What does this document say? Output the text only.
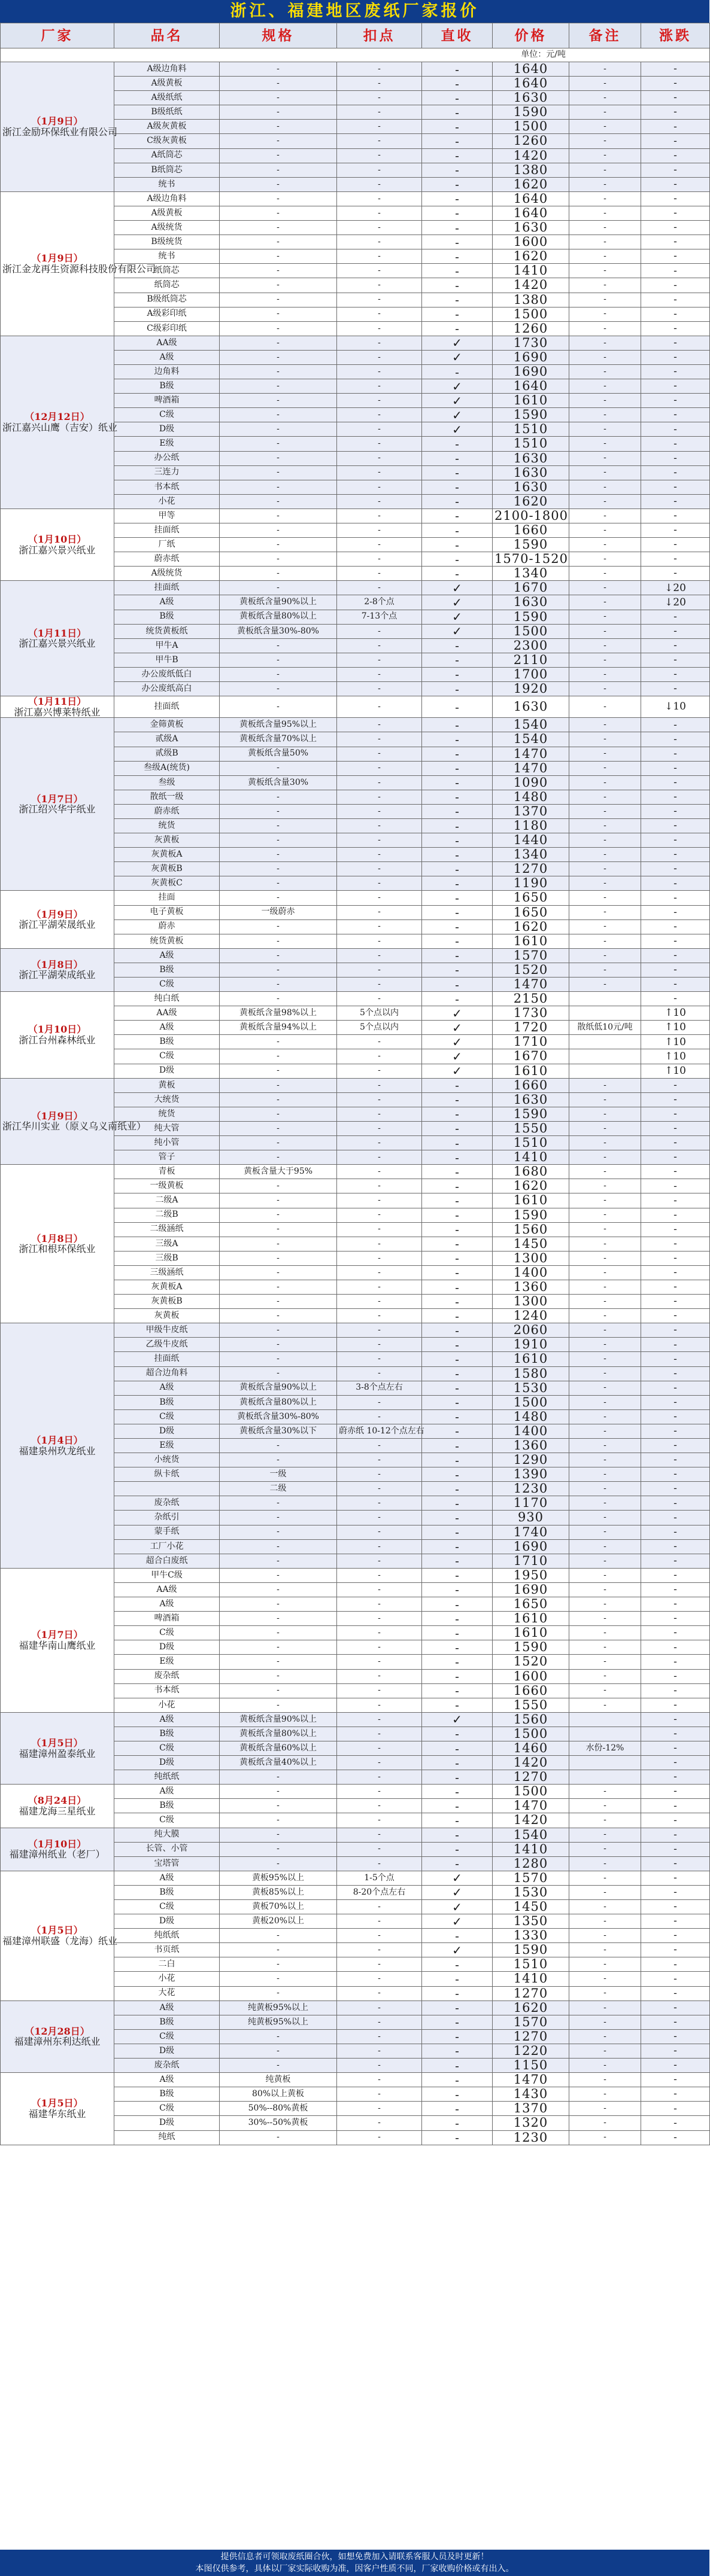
浙江、福建地区废纸厂家报价
厂家	品名	规格	扣点	直收	价格	备注	涨跌
单位：元/吨							

（1月9日）
浙江金励环保纸业有限公司	A级边角料	-	-	-	1640	-	-
	A级黄板	-	-	-	1640	-	-
	A级纸纸	-	-	-	1630	-	-
	B级纸纸	-	-	-	1590	-	-
	A级灰黄板	-	-	-	1500	-	-
	C级灰黄板	-	-	-	1260	-	-
	A纸筒芯	-	-	-	1420	-	-
	B纸筒芯	-	-	-	1380	-	-
	统书	-	-	-	1620	-	-

（1月9日）
浙江金龙再生资源科技股份有限公司	A级边角料	-	-	-	1640	-	-
	A级黄板	-	-	-	1640	-	-
	A级统货	-	-	-	1630	-	-
	B级统货	-	-	-	1600	-	-
	统书	-	-	-	1620	-	-
	纸筒芯	-	-	-	1410	-	-
	纸筒芯	-	-	-	1420	-	-
	B级纸筒芯	-	-	-	1380	-	-
	A级彩印纸	-	-	-	1500	-	-
	C级彩印纸	-	-	-	1260	-	-

（12月12日）
浙江嘉兴山鹰（吉安）纸业	AA级	-	-	✓	1730	-	-
	A级	-	-	✓	1690	-	-
	边角料	-	-	-	1690	-	-
	B级	-	-	✓	1640	-	-
	啤酒箱	-	-	✓	1610	-	-
	C级	-	-	✓	1590	-	-
	D级	-	-	✓	1510	-	-
	E级	-	-	-	1510	-	-
	办公纸	-	-	-	1630	-	-
	三连力	-	-	-	1630	-	-
	书本纸	-	-	-	1630	-	-
	小花	-	-	-	1620	-	-

（1月10日）
浙江嘉兴景兴纸业	甲等	-	-	-	2100-1800	-	-
	挂面纸	-	-	-	1660	-	-
	厂纸	-	-	-	1590	-	-
	蔚赤纸	-	-	-	1570-1520	-	-
	A级统货	-	-	-	1340	-	-

（1月11日）
浙江嘉兴景兴纸业	挂面纸	-	-	✓	1670	-	↓20
	A级	黄板纸含量90%以上	2-8个点	✓	1630	-	↓20
	B级	黄板纸含量80%以上	7-13个点	✓	1590	-	-
	统货黄板纸	黄板纸含量30%-80%	-	✓	1500	-	-
	甲牛A	-	-	-	2300	-	-
	甲牛B	-	-	-	2110	-	-
	办公废纸低白	-	-	-	1700	-	-
	办公废纸高白	-	-	-	1920	-	-

（1月11日）
浙江嘉兴博莱特纸业	挂面纸	-	-	-	1630	-	↓10

（1月7日）
浙江绍兴华宇纸业	金筛黄板	黄板纸含量95%以上	-	-	1540	-	-
	贰级A	黄板纸含量70%以上	-	-	1540	-	-
	贰级B	黄板纸含量50%	-	-	1470	-	-
	叁级A(统货)	-	-	-	1470	-	-
	叁级	黄板纸含量30%	-	-	1090	-	-
	散纸一级	-	-	-	1480	-	-
	蔚赤纸	-	-	-	1370	-	-
	统货	-	-	-	1180	-	-
	灰黄板	-	-	-	1440	-	-
	灰黄板A	-	-	-	1340	-	-
	灰黄板B	-	-	-	1270	-	-
	灰黄板C	-	-	-	1190	-	-

（1月9日）
浙江平湖荣晟纸业	挂面	-	-	-	1650	-	-
	电子黄板	一级蔚赤	-	-	1650	-	-
	蔚赤	-	-	-	1620	-	-
	统货黄板	-	-	-	1610	-	-

（1月8日）
浙江平湖荣成纸业	A级	-	-	-	1570	-	-
	B级	-	-	-	1520	-	-
	C级	-	-	-	1470	-	-

（1月10日）
浙江台州森林纸业	纯白纸	-	-	-	2150		-
	AA级	黄板纸含量98%以上	5个点以内	✓	1730		↑10
	A级	黄板纸含量94%以上	5个点以内	✓	1720	散纸低10元/吨	↑10
	B级	-	-	✓	1710		↑10
	C级	-	-	✓	1670		↑10
	D级	-	-	✓	1610		↑10

（1月9日）
浙江华川实业（原义乌义南纸业）	黄板	-	-	-	1660	-	-
	大统货	-	-	-	1630	-	-
	统货	-	-	-	1590	-	-
	纯大管	-	-	-	1550	-	-
	纯小管	-	-	-	1510	-	-
	管子	-	-	-	1410	-	-

（1月8日）
浙江和根环保纸业	青板	黄板含量大于95%	-	-	1680	-	-
	一级黄板	-	-	-	1620	-	-
	二级A	-	-	-	1610	-	-
	二级B	-	-	-	1590	-	-
	二级涵纸	-	-	-	1560	-	-
	三级A	-	-	-	1450	-	-
	三级B	-	-	-	1300	-	-
	三级涵纸	-	-	-	1400	-	-
	灰黄板A	-	-	-	1360	-	-
	灰黄板B	-	-	-	1300	-	-
	灰黄板	-	-	-	1240	-	-

（1月4日）
福建泉州玖龙纸业	甲级牛皮纸	-	-	-	2060	-	-
	乙级牛皮纸	-	-	-	1910	-	-
	挂面纸	-	-	-	1610	-	-
	超合边角料	-	-	-	1580	-	-
	A级	黄板纸含量90%以上	3-8个点左右	-	1530	-	-
	B级	黄板纸含量80%以上	-	-	1500	-	-
	C级	黄板纸含量30%-80%	-	-	1480	-	-
	D级	黄板纸含量30%以下	蔚赤纸 10-12个点左右	-	1400	-	-
	E级	-	-	-	1360	-	-
	小统货	-	-	-	1290	-	-
	纵卡纸	一级	-	-	1390	-	-
		二级	-	-	1230	-	-
	废杂纸	-	-	-	1170	-	-
	杂纸引	-	-	-	930	-	-
	蒙手纸	-	-	-	1740	-	-
	工厂小花	-	-	-	1690	-	-
	超合白废纸	-	-	-	1710	-	-

（1月7日）
福建华南山鹰纸业	甲牛C级	-	-	-	1950	-	-
	AA级	-	-	-	1690	-	-
	A级	-	-	-	1650	-	-
	啤酒箱	-	-	-	1610	-	-
	C级	-	-	-	1610	-	-
	D级	-	-	-	1590	-	-
	E级	-	-	-	1520	-	-
	废杂纸	-	-	-	1600	-	-
	书本纸	-	-	-	1660	-	-
	小花	-	-	-	1550	-	-

（1月5日）
福建漳州盈泰纸业	A级	黄板纸含量90%以上	-	✓	1560		-
	B级	黄板纸含量80%以上	-	-	1500		-
	C级	黄板纸含量60%以上	-	-	1460	水份-12%	-
	D级	黄板纸含量40%以上	-	-	1420		-
	纯纸纸	-	-	-	1270		-

（8月24日）
福建龙海三星纸业	A级	-	-	-	1500	-	-
	B级	-	-	-	1470	-	-
	C级	-	-	-	1420	-	-

（1月10日）
福建漳州纸业（老厂）	纯大膜	-	-	-	1540	-	-
	长管、小管	-	-	-	1410	-	-
	宝塔管	-	-	-	1280	-	-

（1月5日）
福建漳州联盛（龙海）纸业	A级	黄板95%以上	1-5个点	✓	1570	-	-
	B级	黄板85%以上	8-20个点左右	✓	1530	-	-
	C级	黄板70%以上	-	✓	1450	-	-
	D级	黄板20%以上	-	✓	1350	-	-
	纯纸纸	-	-	-	1330	-	-
	书页纸	-	-	✓	1590	-	-
	二白	-	-	-	1510	-	-
	小花	-	-	-	1410	-	-
	大花	-	-	-	1270	-	-

（12月28日）
福建漳州东利达纸业	A级	纯黄板95%以上	-	-	1620	-	-
	B级	纯黄板95%以上	-	-	1570	-	-
	C级	-	-	-	1270	-	-
	D级	-	-	-	1220	-	-
	废杂纸	-	-	-	1150	-	-

（1月5日）
福建华东纸业	A级	纯黄板	-	-	1470	-	-
	B级	80%以上黄板	-	-	1430	-	-
	C级	50%--80%黄板	-	-	1370	-	-
	D级	30%--50%黄板	-	-	1320	-	-
	纯纸	-	-	-	1230	-	-
提供信息者可领取废纸圈合伙，如想免费加入请联系客服人员及时更新！
本图仅供参考，具体以厂家实际收购为准，因客户性质不同，厂家收购价格或有出入。
